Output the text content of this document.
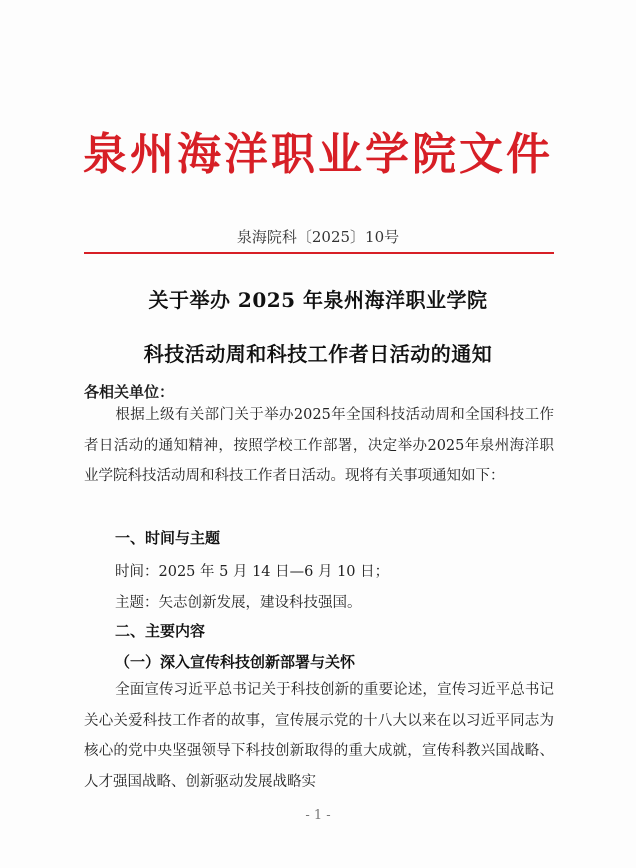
泉州海洋职业学院文件
泉海院科〔2025〕10号
关于举办 2025 年泉州海洋职业学院
科技活动周和科技工作者日活动的通知
各相关单位：
根据上级有关部门关于举办2025年全国科技活动周和全国科技工作者日活动的通知精神，按照学校工作部署，决定举办2025年泉州海洋职业学院科技活动周和科技工作者日活动。现将有关事项通知如下：
一、时间与主题
时间：2025 年 5 月 14 日—6 月 10 日；
主题：矢志创新发展，建设科技强国。
二、主要内容
（一）深入宣传科技创新部署与关怀
全面宣传习近平总书记关于科技创新的重要论述，宣传习近平总书记关心关爱科技工作者的故事，宣传展示党的十八大以来在以习近平同志为核心的党中央坚强领导下科技创新取得的重大成就，宣传科教兴国战略、人才强国战略、创新驱动发展战略实
- 1 -
